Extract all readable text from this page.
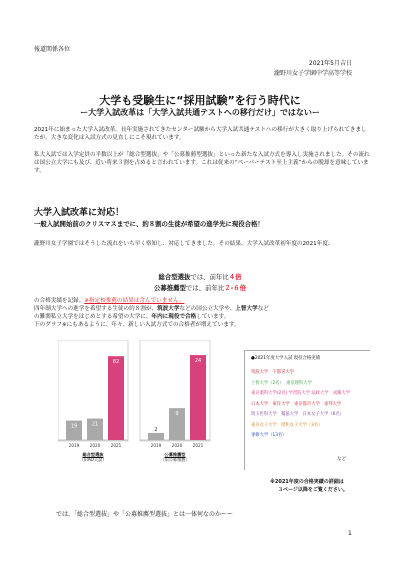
報道関係各位
2021年5月吉日
瀧野川女子学園中学高等学校
大学も受験生に“採用試験”を行う時代に
ー大学入試改革は「大学入試共通テストへの移行だけ」ではないー

2021年に始まった大学入試改革。長年実施されてきたセンター試験から大学入試共通テストへの移行が大きく取り上げられてきましたが、大きな変化は入試方式の見直しにこそ現れています。

私大入試では入学定員の半数以上が「総合型選抜」や「公募推薦型選抜」といった新たな入試方式を導入し実施されました。その流れは国公立大学にも及び、近い将来３割を占めると言われています。これは従来の“ペーパーテスト至上主義”からの脱却を意味しています。

大学入試改革に対応！
一般入試開始前のクリスマスまでに、約８割の生徒が希望の進学先に現役合格！

瀧野川女子学園ではそうした流れをいち早く察知し、対応してきました。その結果、大学入試改革初年度の2021年度、

総合型選抜では、前年比４倍
公募推薦型では、前年比２-６倍

の合格実績を記録。※指定校推薦の結果は含んでいません。
四年制大学への進学を希望する生徒の約８割が、筑波大学などの国公立大学や、上智大学など
の難関私立大学をはじめとする希望の大学に、年内に現役で合格しています。
下のグラフ※にもあるように、年々、新しい入試方式での合格者が増えています。

19
2019
21
2020
82
2021
2
2019
9
2020
24
2021
総合型選抜
（旧AO入試）
公募推薦型
（旧公募推薦）
●2021年度大学入試 現役合格実績
筑波大学　宇都宮大学
上智大学（2名）　東京理科大学
東京薬科大学(2名) 学習院大学 法政大学　成蹊大学
日本大学　東洋大学　東京都市大学　東邦大学
埼玉医科大学　獨協大学　日本女子大学（6名）
東京女子大学　昭和女子大学（3名）
専修大学（13名）
など
※2021年度の合格実績の詳細は
３ページ以降をご覧ください。
では、「総合型選抜」や「公募推薦型選抜」とは一体何なのかーー
1
